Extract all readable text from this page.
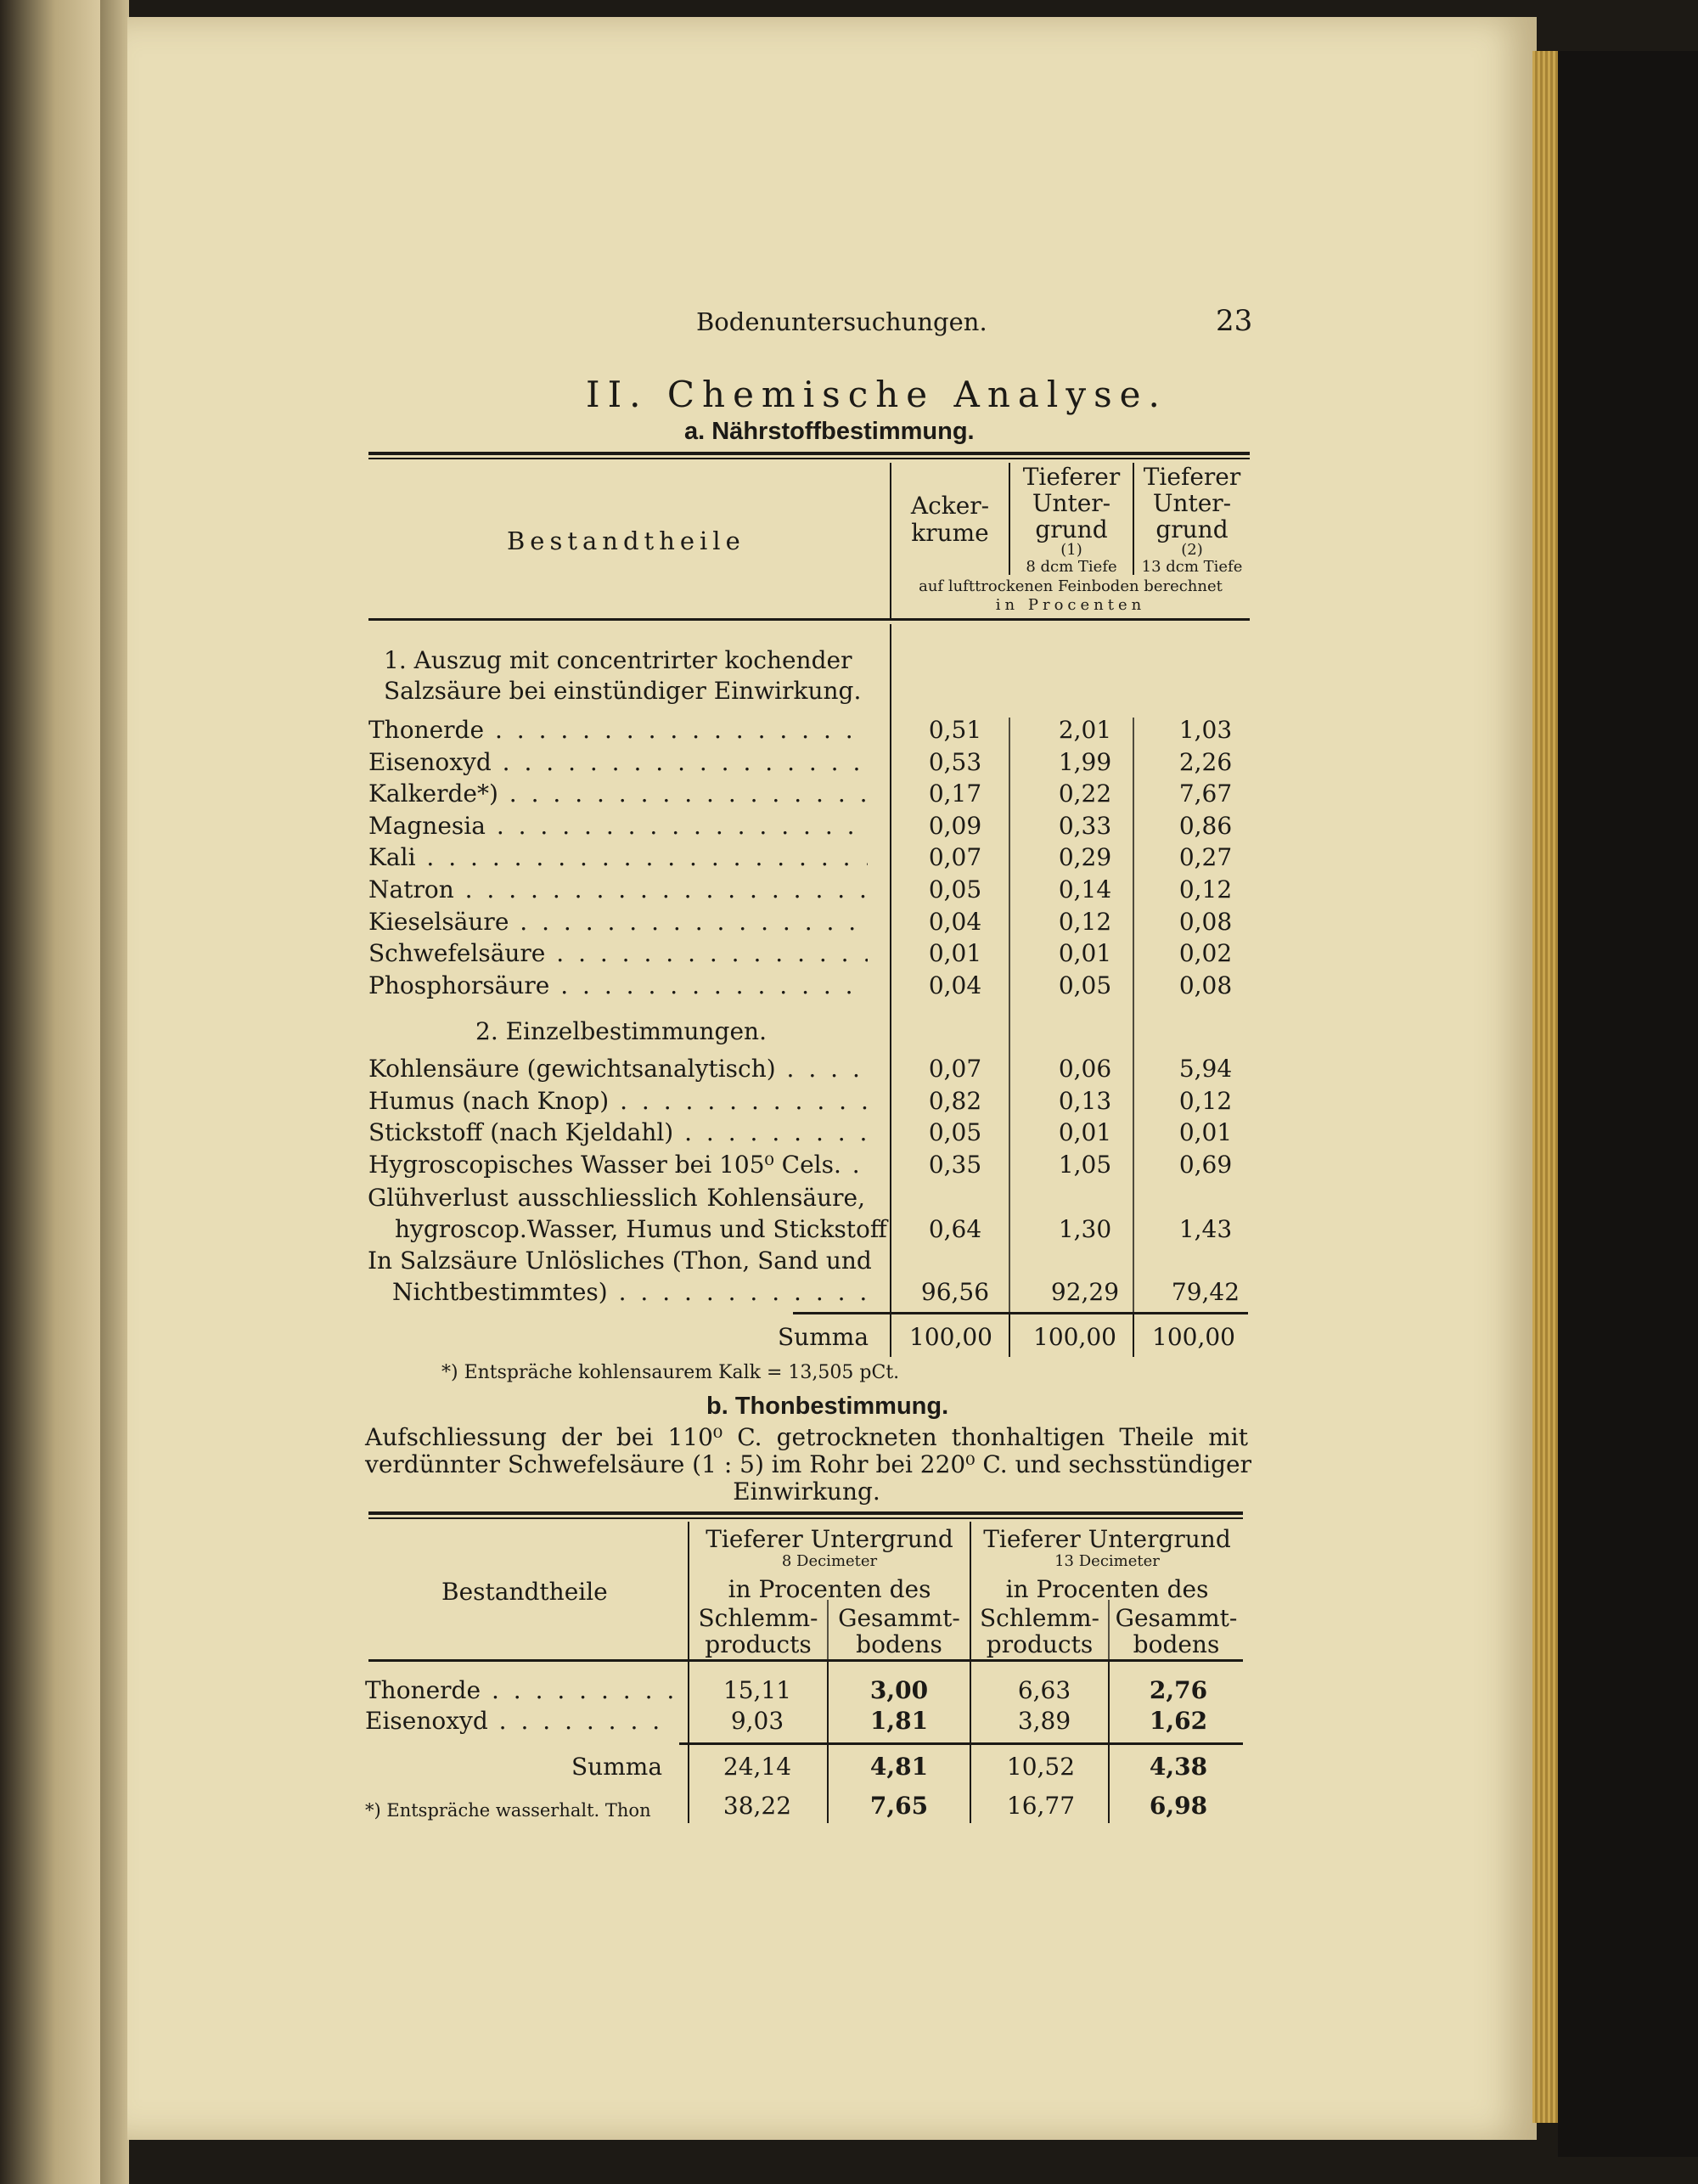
Bodenuntersuchungen.	23
II. Chemische Analyse.
a. Nährstoffbestimmung.
Bestandtheile
Acker-
krume
Tieferer
Unter-
grund
(1)
8 dcm Tiefe
Tieferer
Unter-
grund
(2)
13 dcm Tiefe
auf lufttrockenen Feinboden berechnet
in Procenten
1. Auszug mit concentrirter kochender
Salzsäure bei einstündiger Einwirkung.
Thonerde . . .	0,51	2,01	1,03
Eisenoxyd . . .	0,53	1,99	2,26
Kalkerde*) . . .	0,17	0,22	7,67
Magnesia . . .	0,09	0,33	0,86
Kali . . .	0,07	0,29	0,27
Natron . . .	0,05	0,14	0,12
Kieselsäure . . .	0,04	0,12	0,08
Schwefelsäure . . .	0,01	0,01	0,02
Phosphorsäure . . .	0,04	0,05	0,08
2. Einzelbestimmungen.
Kohlensäure (gewichtsanalytisch) . . .	0,07	0,06	5,94
Humus (nach Knop) . . .	0,82	0,13	0,12
Stickstoff (nach Kjeldahl) . . .	0,05	0,01	0,01
Hygroscopisches Wasser bei 105⁰ Cels. . . .	0,35	1,05	0,69
Glühverlust ausschliesslich Kohlensäure,
hygroscop.Wasser, Humus und Stickstoff	0,64	1,30	1,43
In Salzsäure Unlösliches (Thon, Sand und
Nichtbestimmtes) . . .	96,56	92,29	79,42
Summa	100,00	100,00	100,00
*) Entspräche kohlensaurem Kalk = 13,505 pCt.
b. Thonbestimmung.
Aufschliessung der bei 110⁰ C. getrockneten thonhaltigen Theile mit
verdünnter Schwefelsäure (1 : 5) im Rohr bei 220⁰ C. und sechsstündiger
Einwirkung.
Bestandtheile
Tieferer Untergrund
8 Decimeter
in Procenten des
Tieferer Untergrund
13 Decimeter
in Procenten des
Schlemm-
products
Gesammt-
bodens
Schlemm-
products
Gesammt-
bodens
Thonerde . . .	15,11	3,00	6,63	2,76
Eisenoxyd . . .	9,03	1,81	3,89	1,62
Summa	24,14	4,81	10,52	4,38
*) Entspräche wasserhalt. Thon	38,22	7,65	16,77	6,98
